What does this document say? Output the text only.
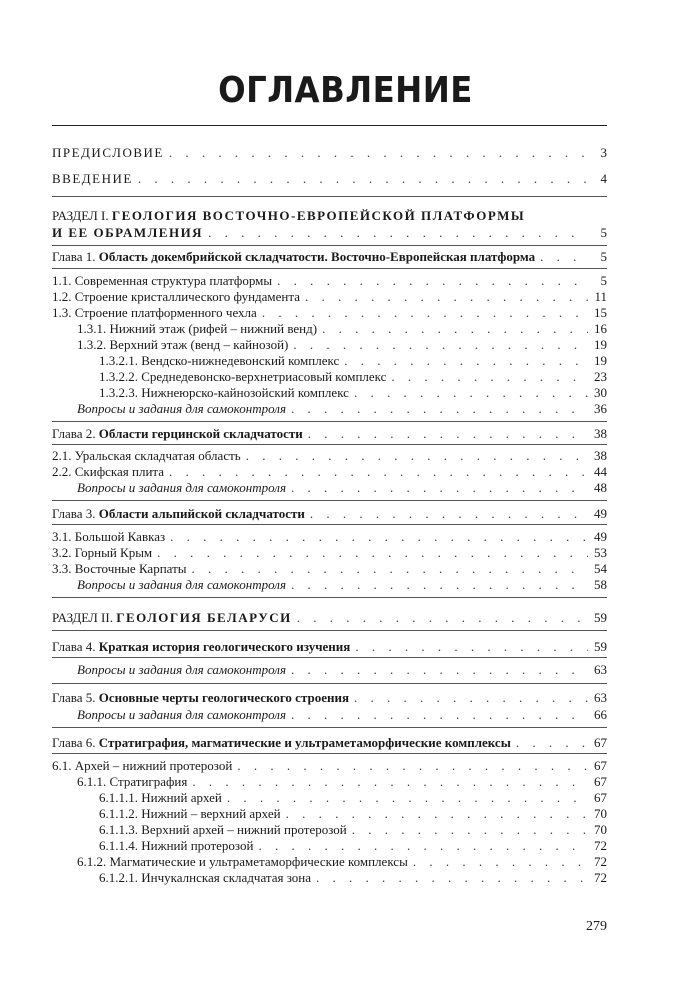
ОГЛАВЛЕНИЕ
ПРЕДИСЛОВИЕ . . .	3
ВВЕДЕНИЕ . . .	4
РАЗДЕЛ I. ГЕОЛОГИЯ ВОСТОЧНО-ЕВРОПЕЙСКОЙ ПЛАТФОРМЫ
И ЕЕ ОБРАМЛЕНИЯ . . .	5
Глава 1. Область докембрийской складчатости. Восточно-Европейская платформа . . .	5
1.1. Современная структура платформы . . .	5
1.2. Строение кристаллического фундамента . . .	11
1.3. Строение платформенного чехла . . .	15
1.3.1. Нижний этаж (рифей – нижний венд) . . .	16
1.3.2. Верхний этаж (венд – кайнозой) . . .	19
1.3.2.1. Вендско-нижнедевонский комплекс . . .	19
1.3.2.2. Среднедевонско-верхнетриасовый комплекс . . .	23
1.3.2.3. Нижнеюрско-кайнозойский комплекс . . .	30
Вопросы и задания для самоконтроля . . .	36
Глава 2. Области герцинской складчатости . . .	38
2.1. Уральская складчатая область . . .	38
2.2. Скифская плита . . .	44
Вопросы и задания для самоконтроля . . .	48
Глава 3. Области альпийской складчатости . . .	49
3.1. Большой Кавказ . . .	49
3.2. Горный Крым . . .	53
3.3. Восточные Карпаты . . .	54
Вопросы и задания для самоконтроля . . .	58
РАЗДЕЛ II. ГЕОЛОГИЯ БЕЛАРУСИ . . .	59
Глава 4. Краткая история геологического изучения . . .	59
Вопросы и задания для самоконтроля . . .	63
Глава 5. Основные черты геологического строения . . .	63
Вопросы и задания для самоконтроля . . .	66
Глава 6. Стратиграфия, магматические и ультраметаморфические комплексы . . .	67
6.1. Архей – нижний протерозой . . .	67
6.1.1. Стратиграфия . . .	67
6.1.1.1. Нижний архей . . .	67
6.1.1.2. Нижний – верхний архей . . .	70
6.1.1.3. Верхний архей – нижний протерозой . . .	70
6.1.1.4. Нижний протерозой . . .	72
6.1.2. Магматические и ультраметаморфические комплексы . . .	72
6.1.2.1. Инчукалнская складчатая зона . . .	72
279
